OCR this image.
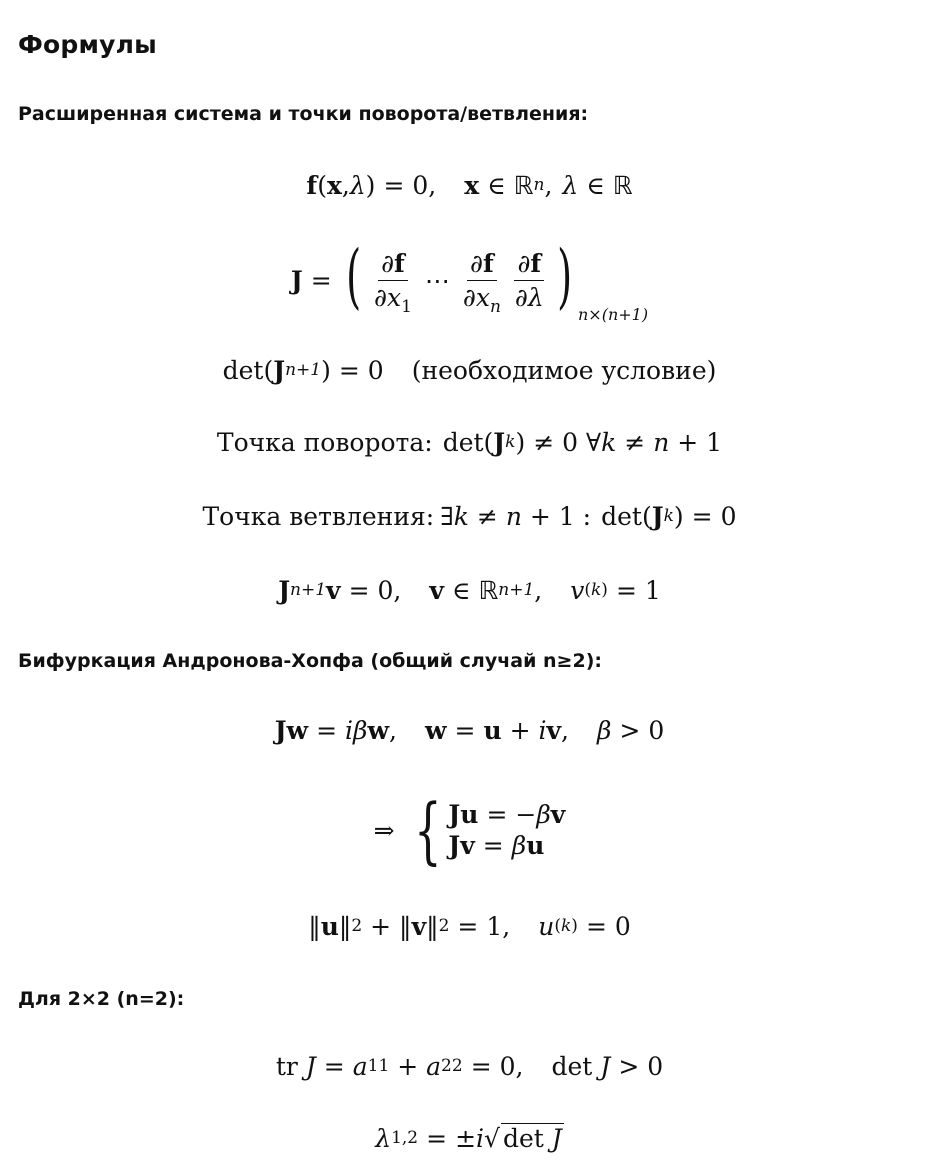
Формулы
Расширенная система и точки поворота/ветвления:
f ( x , λ ) = 0, x ∈ ℝ n , λ ∈ ℝ
J = ( $\frac{\partial f}{\partial x_1}$ ⋯ $\frac{\partial f}{\partial x_n} \frac{\partial f}{\partial\lambda}$ ) n×(n+1)
det( J n+1 ) = 0 (необходимое условие)
Точка поворота: det( J k ) ≠ 0 ∀ k ≠ n + 1
Точка ветвления: ∃ k ≠ n + 1 :
det( J k ) = 0
J n+1 v = 0, v ∈ ℝ n+1 , v (k) = 1
Бифуркация Андронова-Хопфа (общий случай n≥2):
Jw = iβ w , w = u + i v , β > 0
⇒ { Ju = −βv
Jv = βu
‖ u ‖ 2 + ‖ v ‖ 2 = 1, u (k) = 0
Для 2×2 (n=2):
tr J = a 11 + a 22 = 0,
det J > 0
λ 1,2 = ± i √ det J
